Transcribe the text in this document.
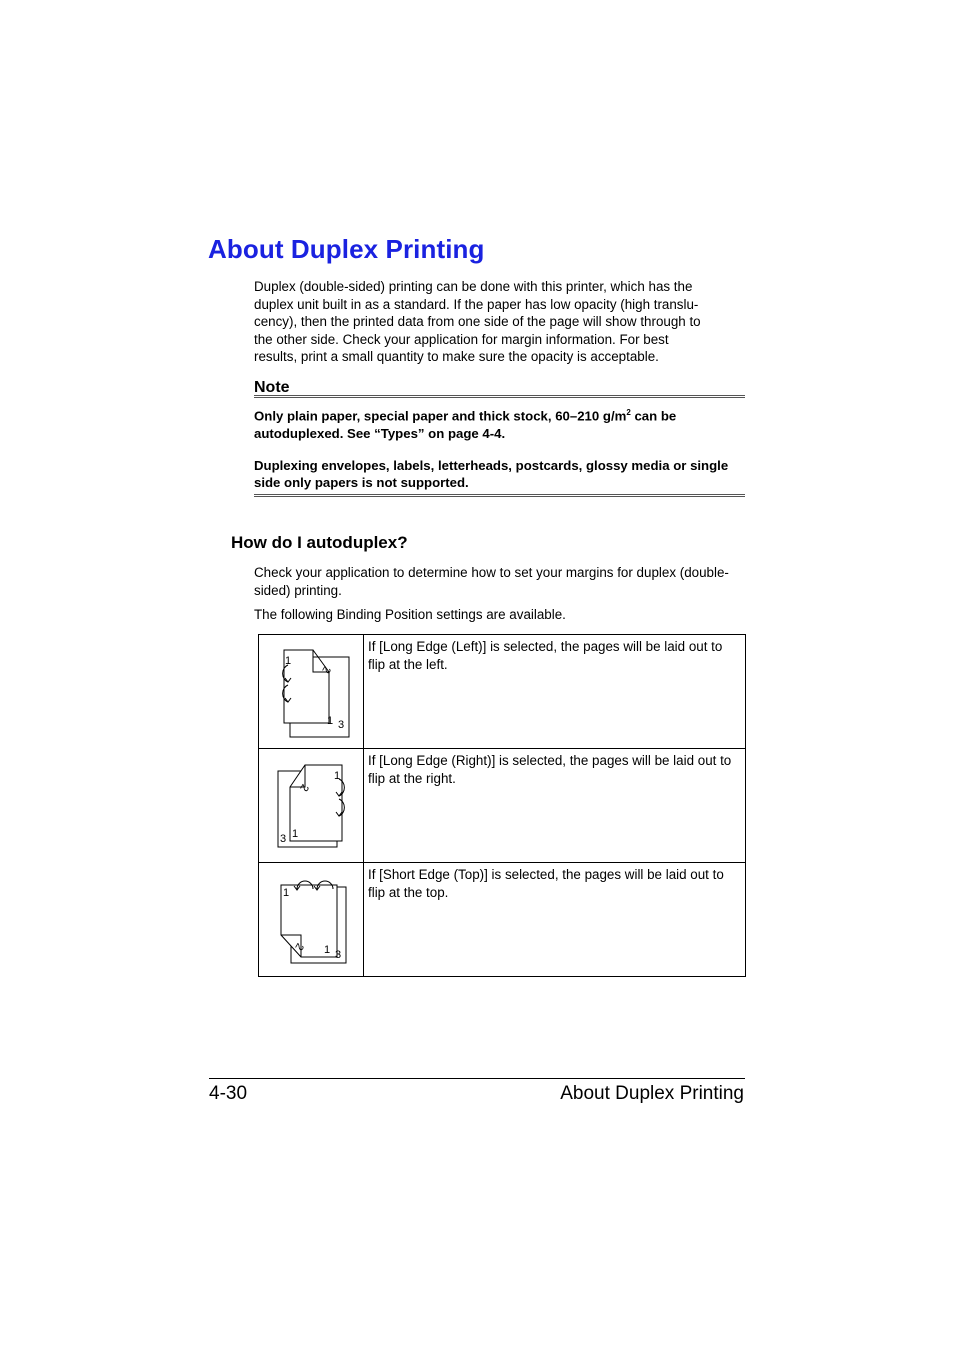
About Duplex Printing
Duplex (double-sided) printing can be done with this printer, which has the
duplex unit built in as a standard. If the paper has low opacity (high translu-
cency), then the printed data from one side of the page will show through to
the other side. Check your application for margin information. For best
results, print a small quantity to make sure the opacity is acceptable.
Note
Only plain paper, special paper and thick stock, 60–210 $g/m^2$ can be autoduplexed. See “Types” on page 4-4.
Duplexing envelopes, labels, letterheads, postcards, glossy media or single side only papers is not supported.
How do I autoduplex?
Check your application to determine how to set your margins for duplex (double-sided) printing.
The following Binding Position settings are available.
1
2
1 3	If [Long Edge (Left)] is selected, the pages will be laid out to flip at the left.

1
2
1
3	If [Long Edge (Right)] is selected, the pages will be laid out to flip at the right.

1
2 1 3	If [Short Edge (Top)] is selected, the pages will be laid out to flip at the top.
4-30	About Duplex Printing
